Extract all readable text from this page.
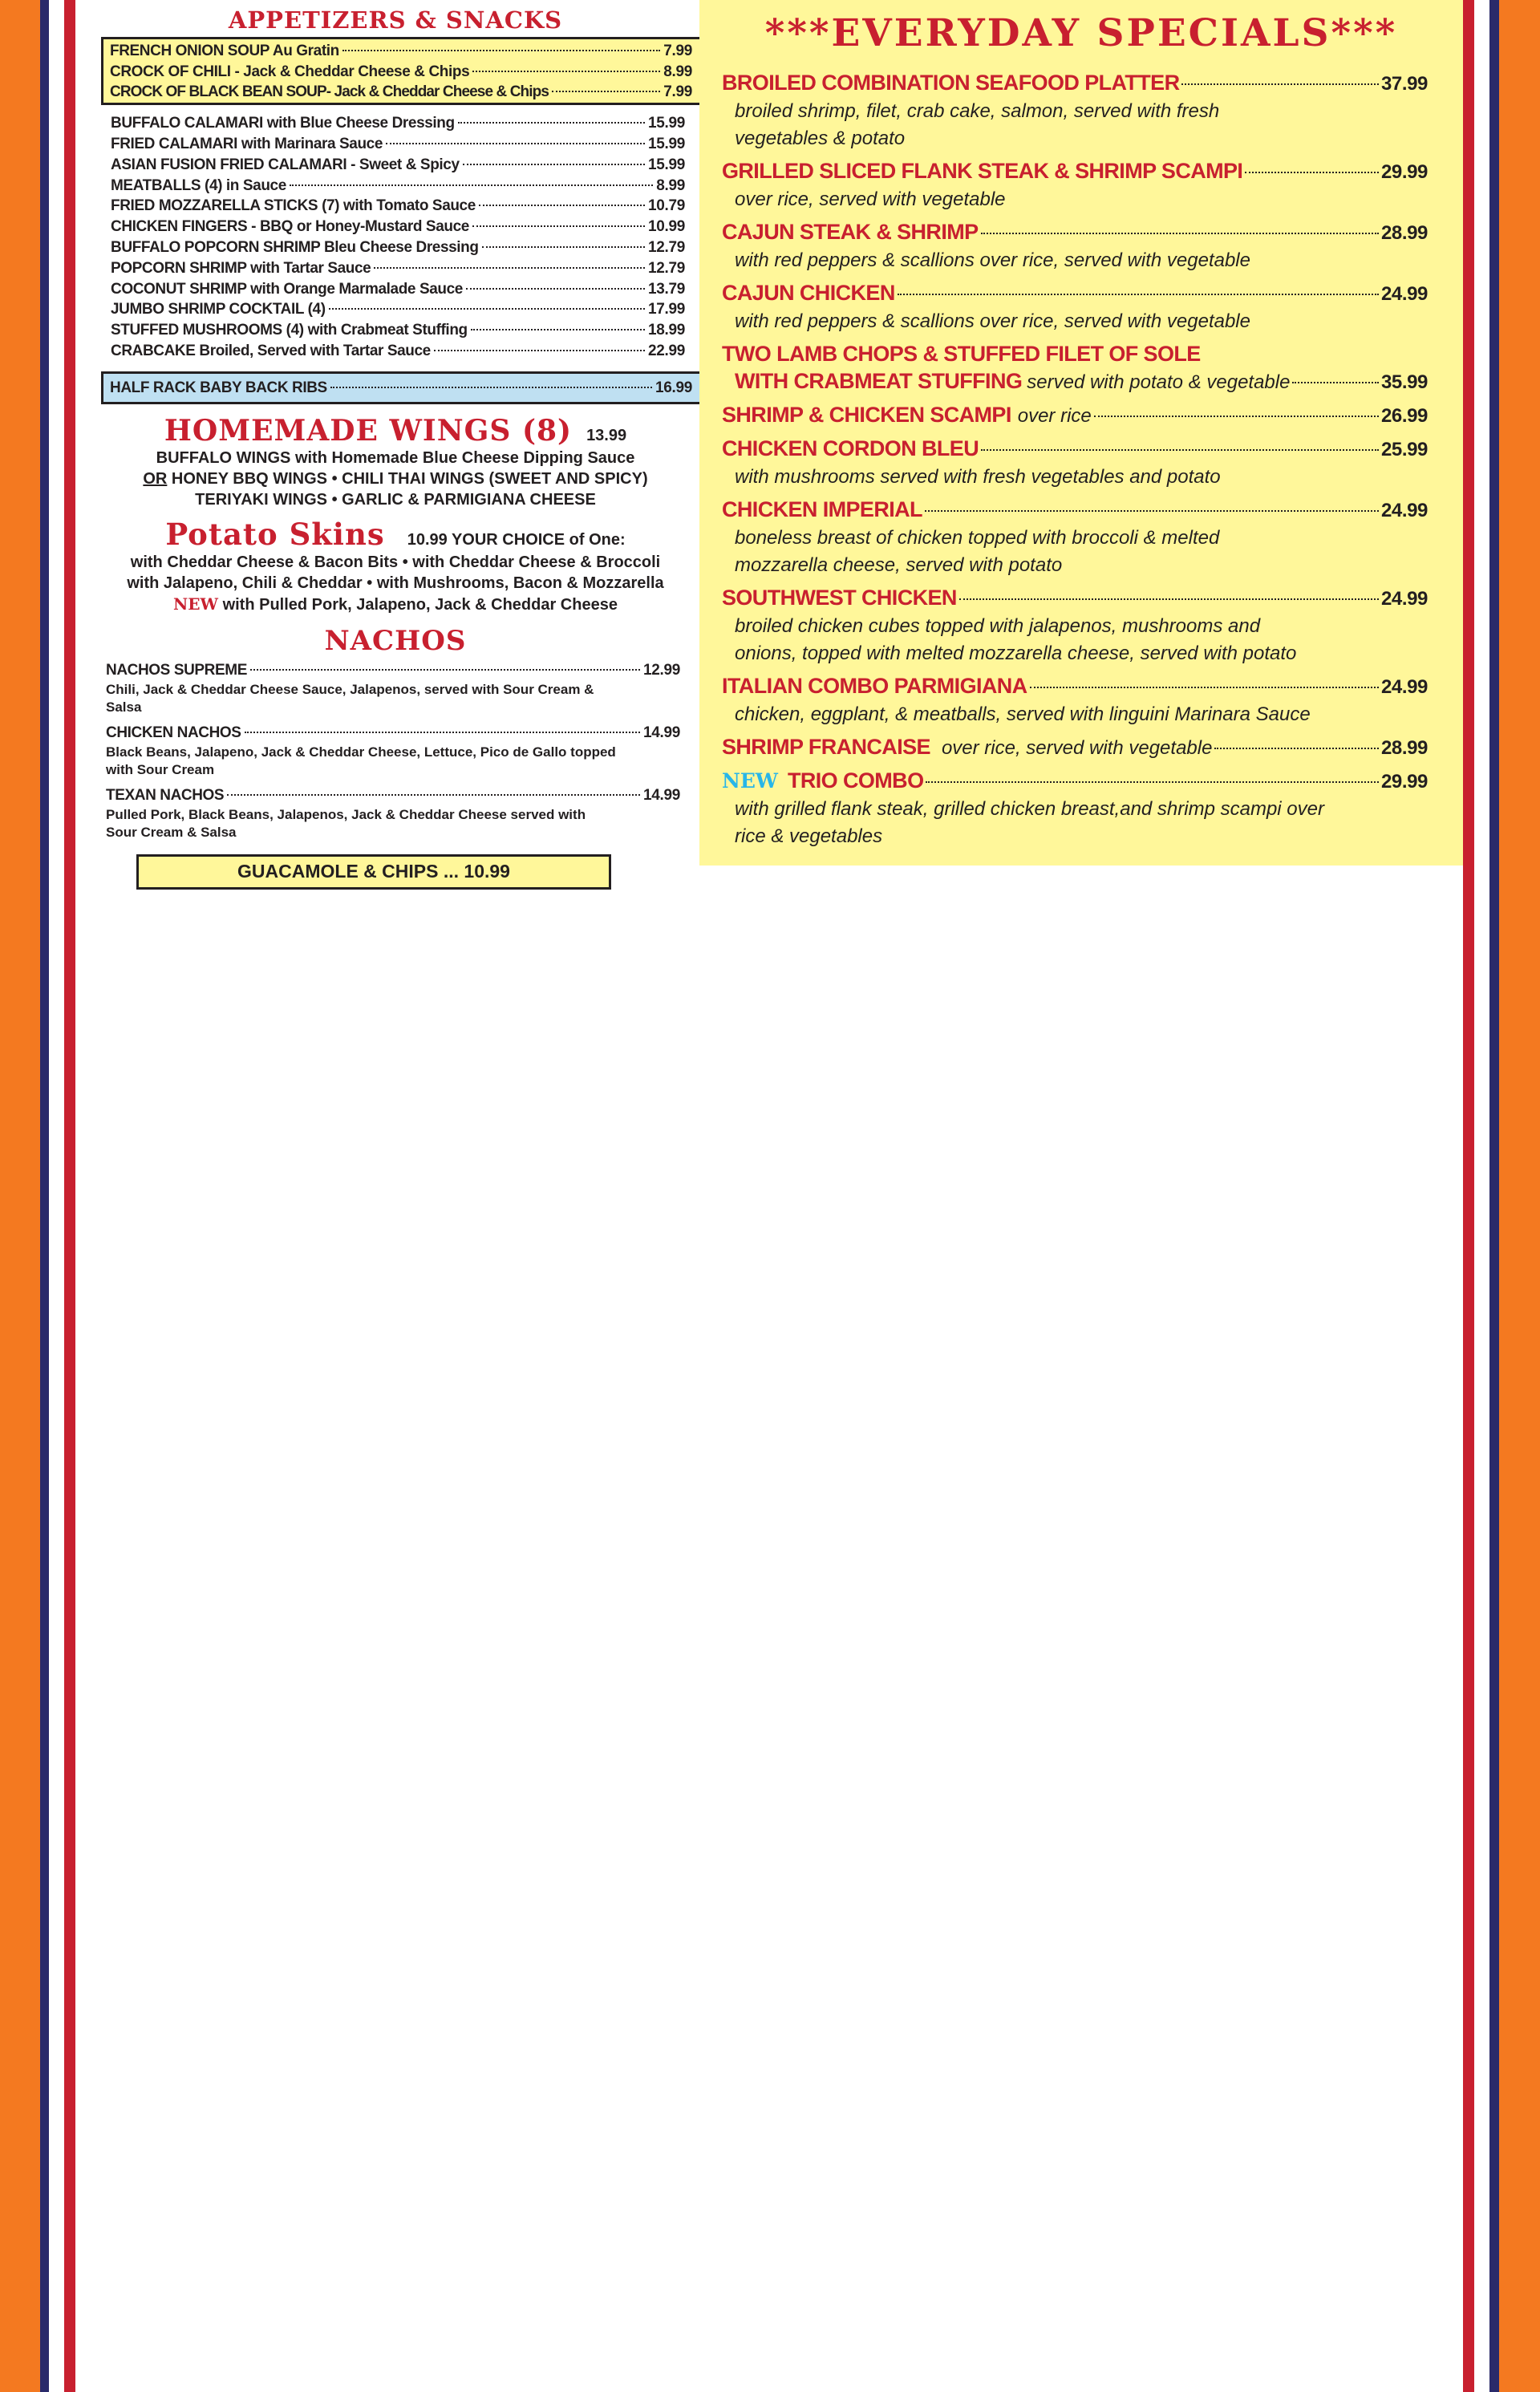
APPETIZERS & SNACKS
FRENCH ONION SOUP Au Gratin	7.99
CROCK OF CHILI - Jack & Cheddar Cheese & Chips	8.99
CROCK OF BLACK BEAN SOUP- Jack & Cheddar Cheese & Chips	7.99
BUFFALO CALAMARI with Blue Cheese Dressing	15.99
FRIED CALAMARI with Marinara Sauce	15.99
ASIAN FUSION FRIED CALAMARI - Sweet & Spicy	15.99
MEATBALLS (4) in Sauce	8.99
FRIED MOZZARELLA STICKS (7) with Tomato Sauce	10.79
CHICKEN FINGERS - BBQ or Honey-Mustard Sauce	10.99
BUFFALO POPCORN SHRIMP Bleu Cheese Dressing	12.79
POPCORN SHRIMP with Tartar Sauce	12.79
COCONUT SHRIMP with Orange Marmalade Sauce	13.79
JUMBO SHRIMP COCKTAIL (4)	17.99
STUFFED MUSHROOMS (4) with Crabmeat Stuffing	18.99
CRABCAKE Broiled, Served with Tartar Sauce	22.99
HALF RACK BABY BACK RIBS	16.99
HOMEMADE WINGS (8) 13.99
BUFFALO WINGS with Homemade Blue Cheese Dipping Sauce
OR HONEY BBQ WINGS • CHILI THAI WINGS (SWEET AND SPICY)
TERIYAKI WINGS • GARLIC & PARMIGIANA CHEESE
Potato Skins 10.99 YOUR CHOICE of One:
with Cheddar Cheese & Bacon Bits • with Cheddar Cheese & Broccoli
with Jalapeno, Chili & Cheddar • with Mushrooms, Bacon & Mozzarella
NEW with Pulled Pork, Jalapeno, Jack & Cheddar Cheese
NACHOS
NACHOS SUPREME	12.99
Chili, Jack & Cheddar Cheese Sauce, Jalapenos, served with Sour Cream & Salsa
CHICKEN NACHOS	14.99
Black Beans, Jalapeno, Jack & Cheddar Cheese, Lettuce, Pico de Gallo topped with Sour Cream
TEXAN NACHOS	14.99
Pulled Pork, Black Beans, Jalapenos, Jack & Cheddar Cheese served with Sour Cream & Salsa
GUACAMOLE & CHIPS ... 10.99
***EVERYDAY SPECIALS***
BROILED COMBINATION SEAFOOD PLATTER	37.99
broiled shrimp, filet, crab cake, salmon, served with fresh
vegetables & potato
GRILLED SLICED FLANK STEAK & SHRIMP SCAMPI	29.99
over rice, served with vegetable
CAJUN STEAK & SHRIMP	28.99
with red peppers & scallions over rice, served with vegetable
CAJUN CHICKEN	24.99
with red peppers & scallions over rice, served with vegetable
TWO LAMB CHOPS & STUFFED FILET OF SOLE
WITH CRABMEAT STUFFING served with potato & vegetable	35.99
SHRIMP & CHICKEN SCAMPI over rice	26.99
CHICKEN CORDON BLEU	25.99
with mushrooms served with fresh vegetables and potato
CHICKEN IMPERIAL	24.99
boneless breast of chicken topped with broccoli & melted
mozzarella cheese, served with potato
SOUTHWEST CHICKEN	24.99
broiled chicken cubes topped with jalapenos, mushrooms and
onions, topped with melted mozzarella cheese, served with potato
ITALIAN COMBO PARMIGIANA	24.99
chicken, eggplant, & meatballs, served with linguini Marinara Sauce
SHRIMP FRANCAISE over rice, served with vegetable	28.99
NEW TRIO COMBO	29.99
with grilled flank steak, grilled chicken breast,and shrimp scampi over
rice & vegetables
